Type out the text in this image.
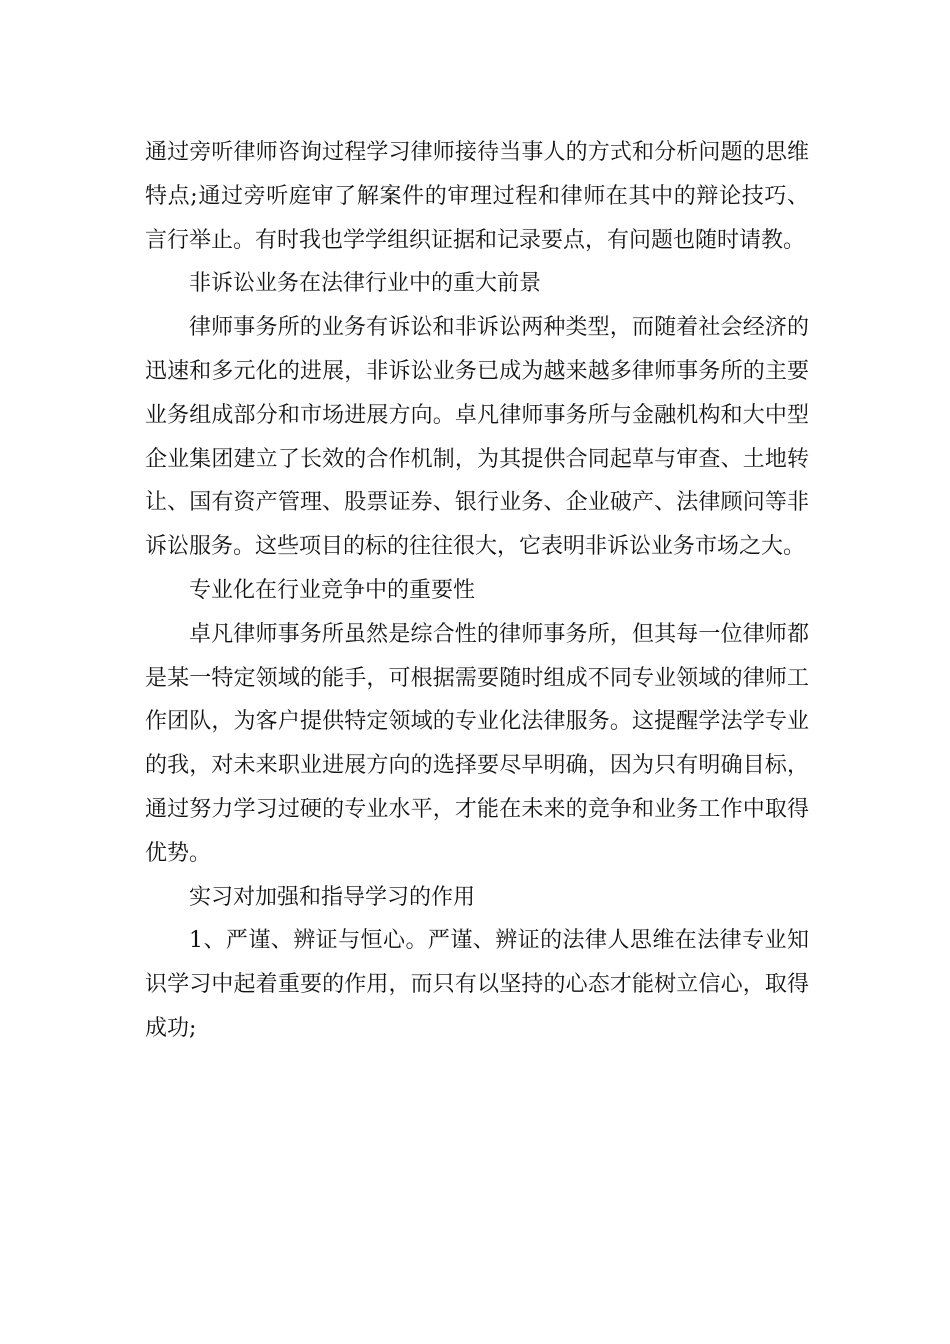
通过旁听律师咨询过程学习律师接待当事人的方式和分析问题的思维特点;通过旁听庭审了解案件的审理过程和律师在其中的辩论技巧、言行举止。有时我也学学组织证据和记录要点，有问题也随时请教。

非诉讼业务在法律行业中的重大前景

律师事务所的业务有诉讼和非诉讼两种类型，而随着社会经济的迅速和多元化的进展，非诉讼业务已成为越来越多律师事务所的主要业务组成部分和市场进展方向。卓凡律师事务所与金融机构和大中型企业集团建立了长效的合作机制，为其提供合同起草与审查、土地转让、国有资产管理、股票证券、银行业务、企业破产、法律顾问等非诉讼服务。这些项目的标的往往很大，它表明非诉讼业务市场之大。

专业化在行业竞争中的重要性

卓凡律师事务所虽然是综合性的律师事务所，但其每一位律师都是某一特定领域的能手，可根据需要随时组成不同专业领域的律师工作团队，为客户提供特定领域的专业化法律服务。这提醒学法学专业的我，对未来职业进展方向的选择要尽早明确，因为只有明确目标，通过努力学习过硬的专业水平，才能在未来的竞争和业务工作中取得优势。

实习对加强和指导学习的作用

1、严谨、辨证与恒心。严谨、辨证的法律人思维在法律专业知识学习中起着重要的作用，而只有以坚持的心态才能树立信心，取得成功;
